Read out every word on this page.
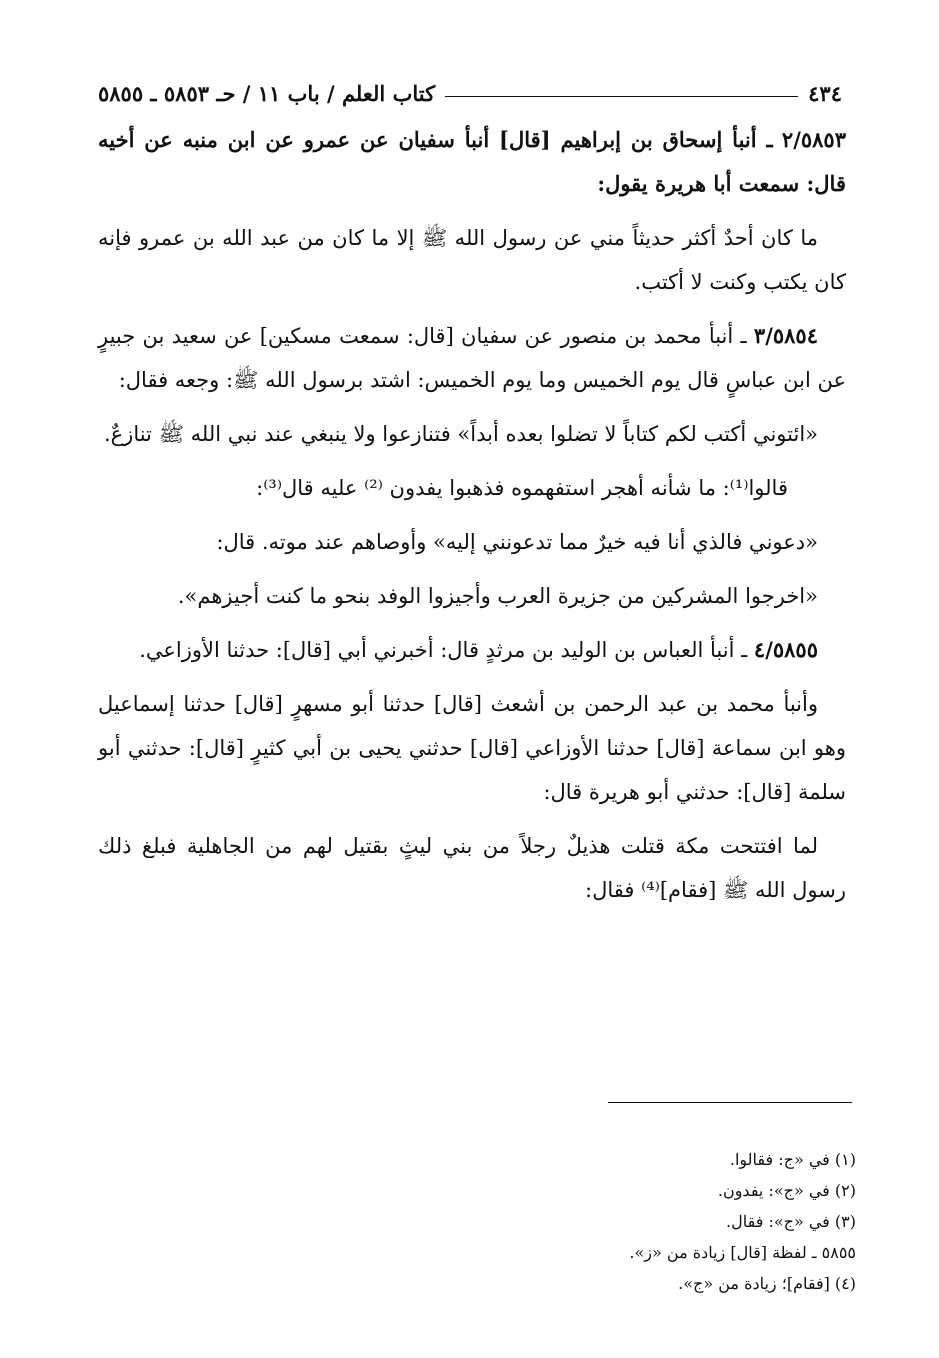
٤٣٤
كتاب العلم / باب ١١ / حـ ٥٨٥٣ ـ ٥٨٥٥

٢/٥٨٥٣ ـ أنبأ إسحاق بن إبراهيم [قال] أنبأ سفيان عن عمرو عن ابن منبه عن أخيه قال: سمعت أبا هريرة يقول:

ما كان أحدٌ أكثر حديثاً مني عن رسول الله ﷺ إلا ما كان من عبد الله بن عمرو فإنه كان يكتب وكنت لا أكتب.

٣/٥٨٥٤ ـ أنبأ محمد بن منصور عن سفيان [قال: سمعت مسكين] عن سعيد بن جبيرٍ عن ابن عباسٍ قال يوم الخميس وما يوم الخميس: اشتد برسول الله ﷺ: وجعه فقال:

«ائتوني أكتب لكم كتاباً لا تضلوا بعده أبداً» فتنازعوا ولا ينبغي عند نبي الله ﷺ تنازعٌ.

قالوا⁽¹⁾: ما شأنه أهجر استفهموه فذهبوا يفدون ⁽²⁾ عليه قال⁽³⁾:

«دعوني فالذي أنا فيه خيرٌ مما تدعونني إليه» وأوصاهم عند موته. قال:

«اخرجوا المشركين من جزيرة العرب وأجيزوا الوفد بنحو ما كنت أجيزهم».

٤/٥٨٥٥ ـ أنبأ العباس بن الوليد بن مرثدٍ قال: أخبرني أبي [قال]: حدثنا الأوزاعي.

وأنبأ محمد بن عبد الرحمن بن أشعث [قال] حدثنا أبو مسهرٍ [قال] حدثنا إسماعيل وهو ابن سماعة [قال] حدثنا الأوزاعي [قال] حدثني يحيى بن أبي كثيرٍ [قال]: حدثني أبو سلمة [قال]: حدثني أبو هريرة قال:

لما افتتحت مكة قتلت هذيلٌ رجلاً من بني ليثٍ بقتيل لهم من الجاهلية فبلغ ذلك رسول الله ﷺ [فقام]⁽⁴⁾ فقال:

(١) في «ج: فقالوا.
(٢) في «ج»: يفدون.
(٣) في «ج»: فقال.
٥٨٥٥ ـ لفظة [قال] زيادة من «ز».
(٤) [فقام]؛ زيادة من «ج».
